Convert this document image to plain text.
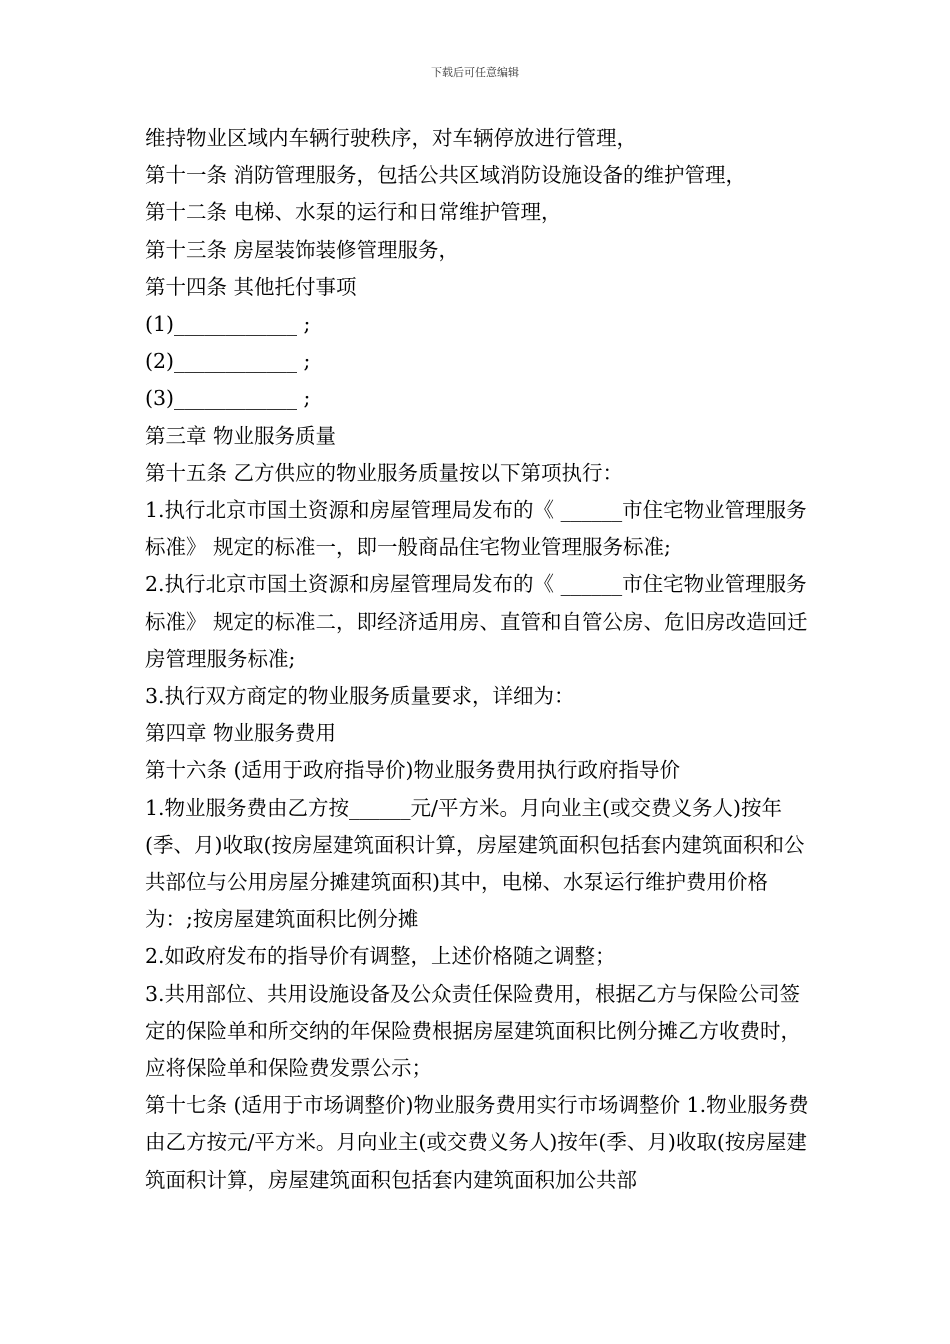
下载后可任意编辑

维持物业区域内车辆行驶秩序，对车辆停放进行管理，

第十一条 消防管理服务，包括公共区域消防设施设备的维护管理，

第十二条 电梯、水泵的运行和日常维护管理，

第十三条 房屋装饰装修管理服务，

第十四条 其他托付事项

(1)____________ ;

(2)____________ ;

(3)____________ ;

第三章 物业服务质量

第十五条 乙方供应的物业服务质量按以下第项执行：

1.执行北京市国土资源和房屋管理局发布的《 ______市住宅物业管理服务标准》 规定的标准一，即一般商品住宅物业管理服务标准;

2.执行北京市国土资源和房屋管理局发布的《 ______市住宅物业管理服务标准》 规定的标准二，即经济适用房、直管和自管公房、危旧房改造回迁房管理服务标准;

3.执行双方商定的物业服务质量要求，详细为：

第四章 物业服务费用

第十六条 (适用于政府指导价)物业服务费用执行政府指导价

1.物业服务费由乙方按______元/平方米。月向业主(或交费义务人)按年(季、月)收取(按房屋建筑面积计算，房屋建筑面积包括套内建筑面积和公共部位与公用房屋分摊建筑面积)其中，电梯、水泵运行维护费用价格为：;按房屋建筑面积比例分摊

2.如政府发布的指导价有调整，上述价格随之调整；

3.共用部位、共用设施设备及公众责任保险费用，根据乙方与保险公司签定的保险单和所交纳的年保险费根据房屋建筑面积比例分摊乙方收费时，应将保险单和保险费发票公示；

第十七条 (适用于市场调整价)物业服务费用实行市场调整价 1.物业服务费由乙方按元/平方米。月向业主(或交费义务人)按年(季、月)收取(按房屋建筑面积计算，房屋建筑面积包括套内建筑面积加公共部
